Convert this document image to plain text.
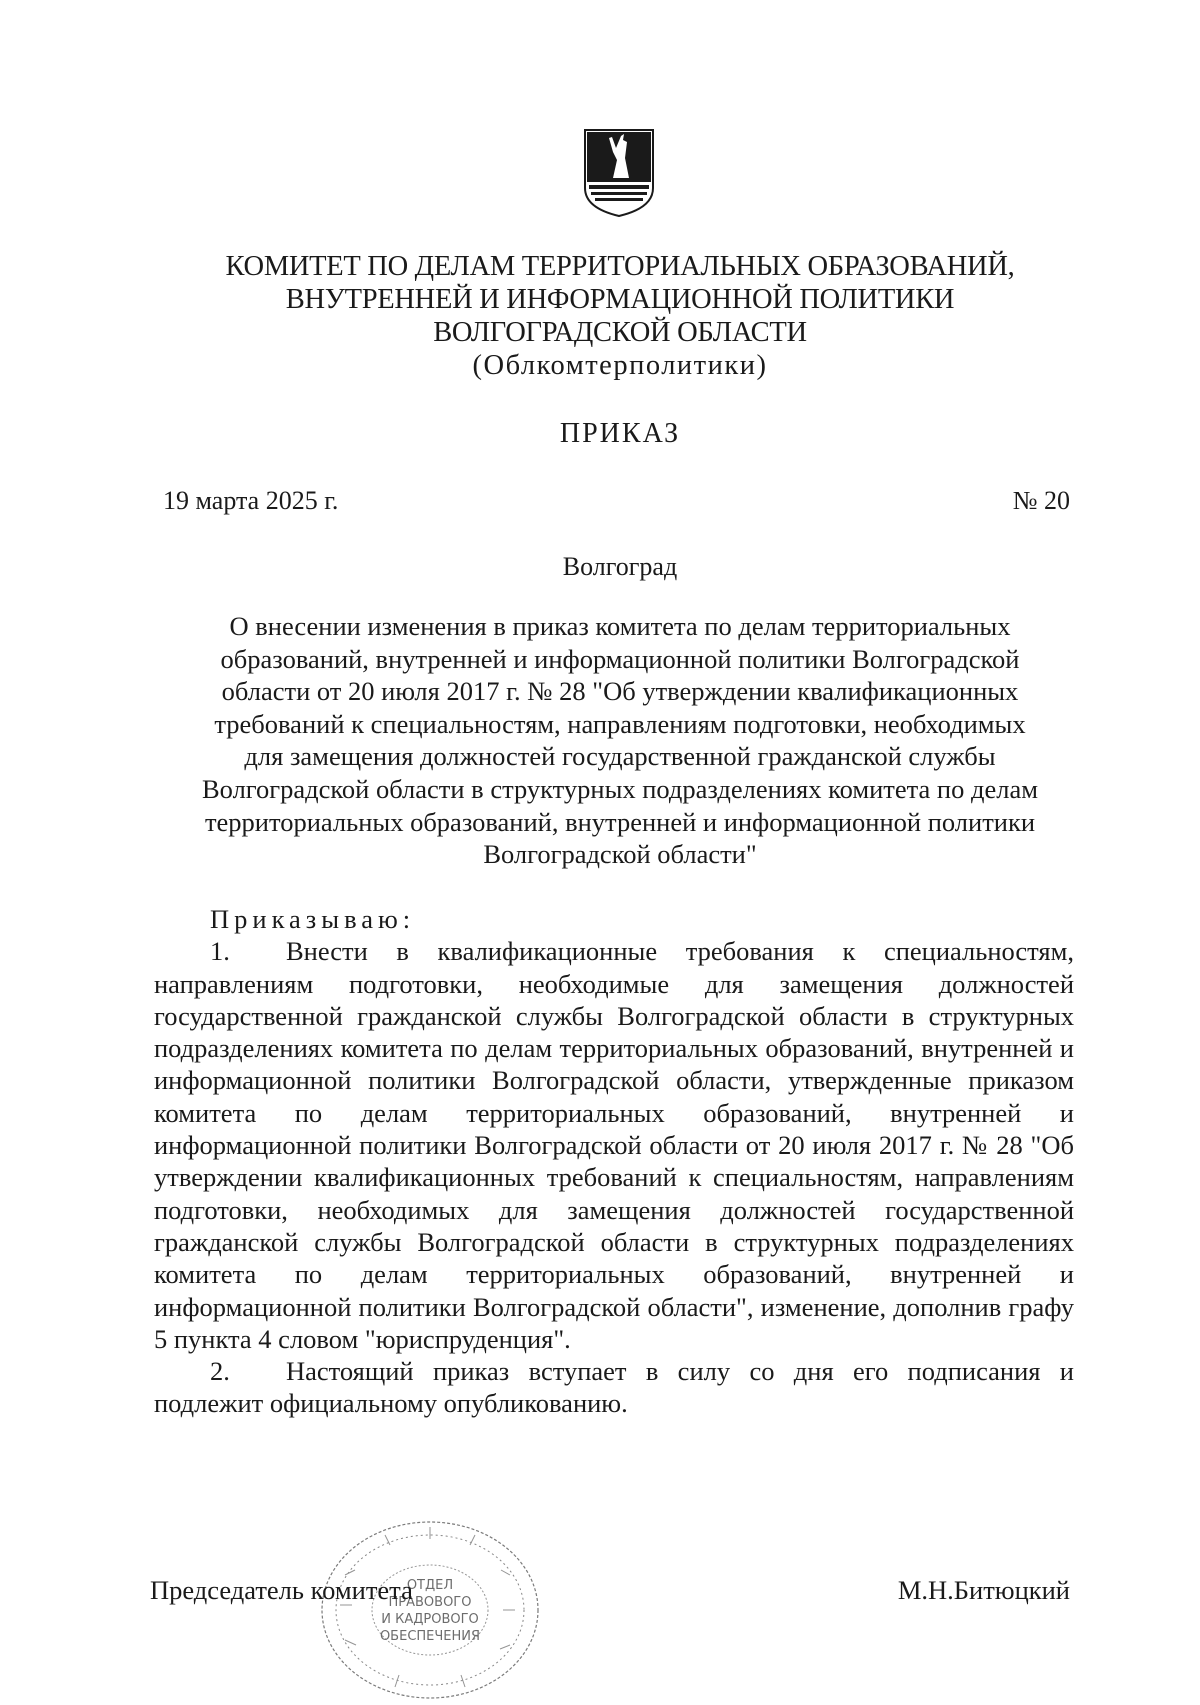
КОМИТЕТ ПО ДЕЛАМ ТЕРРИТОРИАЛЬНЫХ ОБРАЗОВАНИЙ,
ВНУТРЕННЕЙ И ИНФОРМАЦИОННОЙ ПОЛИТИКИ
ВОЛГОГРАДСКОЙ ОБЛАСТИ
(Облкомтерполитики)
ПРИКАЗ
19 марта 2025 г.	№ 20
Волгоград
О внесении изменения в приказ комитета по делам территориальных
образований, внутренней и информационной политики Волгоградской
области от 20 июля 2017 г. № 28 "Об утверждении квалификационных
требований к специальностям, направлениям подготовки, необходимых
для замещения должностей государственной гражданской службы
Волгоградской области в структурных подразделениях комитета по делам
территориальных образований, внутренней и информационной политики
Волгоградской области"

Приказываю:

1. Внести в квалификационные требования к специальностям, направлениям подготовки, необходимые для замещения должностей государственной гражданской службы Волгоградской области в структурных подразделениях комитета по делам территориальных образований, внутренней и информационной политики Волгоградской области, утвержденные приказом комитета по делам территориальных образований, внутренней и информационной политики Волгоградской области от 20 июля 2017 г. № 28 "Об утверждении квалификационных требований к специальностям, направлениям подготовки, необходимых для замещения должностей государственной гражданской службы Волгоградской области в структурных подразделениях комитета по делам территориальных образований, внутренней и информационной политики Волгоградской области", изменение, дополнив графу 5 пункта 4 словом "юриспруденция".

2. Настоящий приказ вступает в силу со дня его подписания и подлежит официальному опубликованию.

ОТДЕЛ
ПРАВОВОГО
И КАДРОВОГО
ОБЕСПЕЧЕНИЯ
Председатель комитета	М.Н.Битюцкий
